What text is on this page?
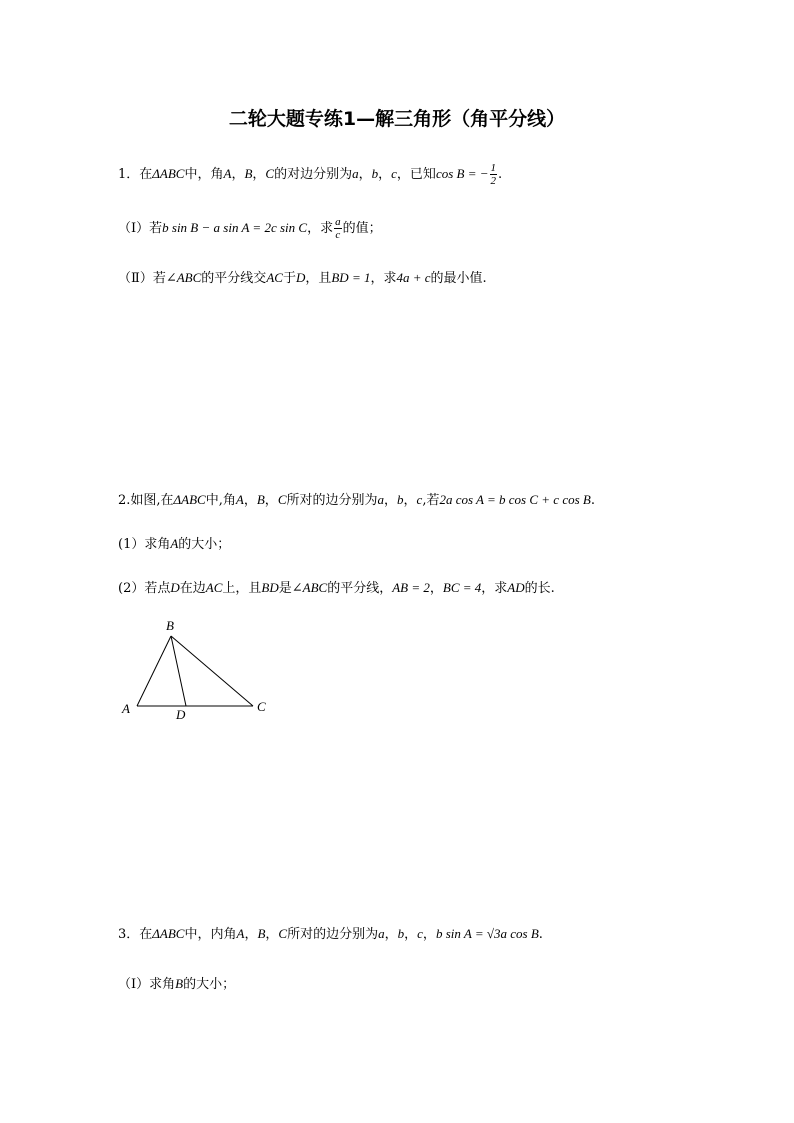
二轮大题专练1—解三角形（角平分线）
1．在ΔABC中，角A，B，C的对边分别为a，b，c，已知cos B = − $\frac{1}{2}$ .
（Ⅰ）若b sin B − a sin A = 2c sin C，求 $\frac{a}{c}$ 的值；
（Ⅱ）若∠ABC的平分线交AC于D，且BD = 1，求4a + c的最小值.
2.如图,在ΔABC中,角A，B，C所对的边分别为a，b，c,若2a cos A = b cos C + c cos B.
(1）求角A的大小；
(2）若点D在边AC上，且BD是∠ABC的平分线，AB = 2，BC = 4，求AD的长.
B
A	D
C
3．在ΔABC中，内角A，B，C所对的边分别为a，b，c，b sin A = √3a cos B.
（Ⅰ）求角B的大小；
